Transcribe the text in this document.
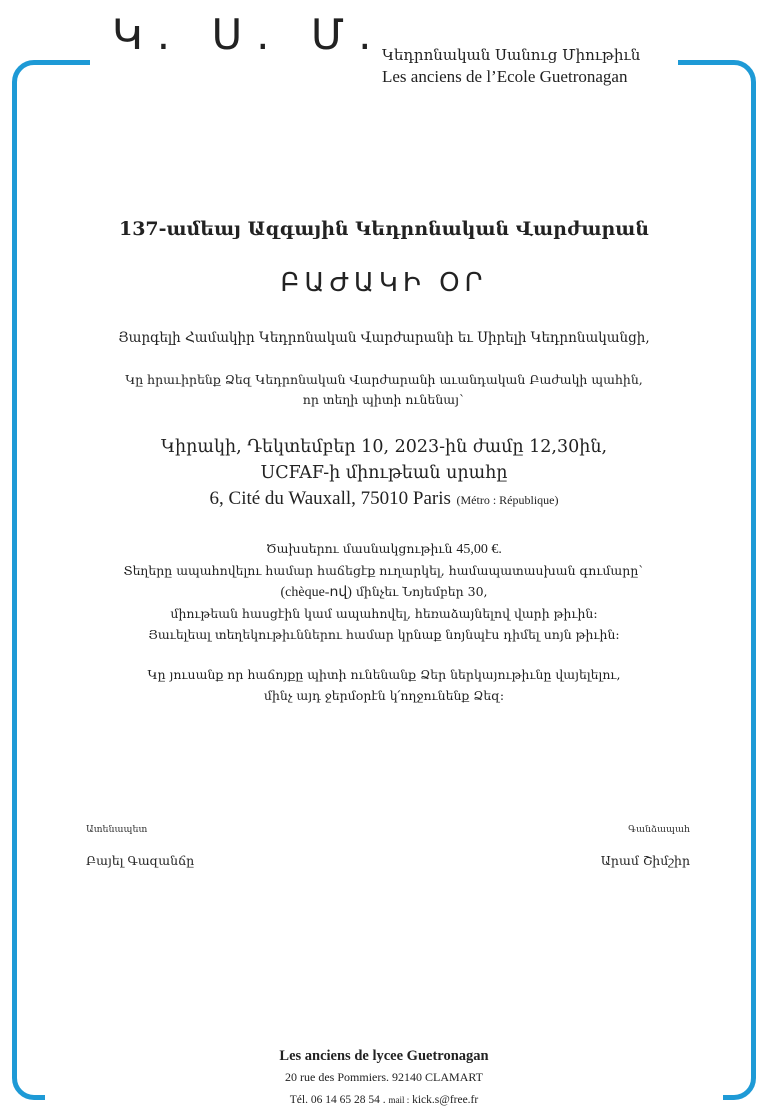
Կ. Ս. Մ.
Կեդրոնական Սանուց Միութիւն
Les anciens de l’Ecole Guetronagan
137-ամեայ Ազգային Կեդրոնական Վարժարան
ԲԱԺԱԿԻ ՕՐ
Յարգելի Համակիր Կեդրոնական Վարժարանի եւ Սիրելի Կեդրոնականցի,
Կը հրաւիրենք Ձեզ Կեդրոնական Վարժարանի աւանդական Բաժակի պահին,
որ տեղի պիտի ունենայ`
Կիրակի, Դեկտեմբեր 10, 2023-ին ժամը 12,30ին,
UCFAF-ի միութեան սրահը
6, Cité du Wauxall, 75010 Paris (Métro : République)
Ծախսերու մասնակցութիւն 45,00 €.
Տեղերը ապահովելու համար հաճեցէք ուղարկել, համապատասխան գումարը`
(chèque-ով) մինչեւ Նոյեմբեր 30,
միութեան հասցէին կամ ապահովել, հեռաձայնելով վարի թիւին:
Յաւելեալ տեղեկութիւններու համար կրնաք նոյնպէս դիմել սոյն թիւին:
Կը յուսանք որ հաճոյքը պիտի ունենանք Ձեր ներկայութիւնը վայելելու,
մինչ այդ ջերմօրէն կ՛ողջունենք Ձեզ:
Ատենապետ
Բայել Գազանճը
Գանձապահ
Արամ Շիմշիր
Les anciens de lycee Guetronagan
20 rue des Pommiers. 92140 CLAMART
Tél. 06 14 65 28 54 . mail : kick.s@free.fr
